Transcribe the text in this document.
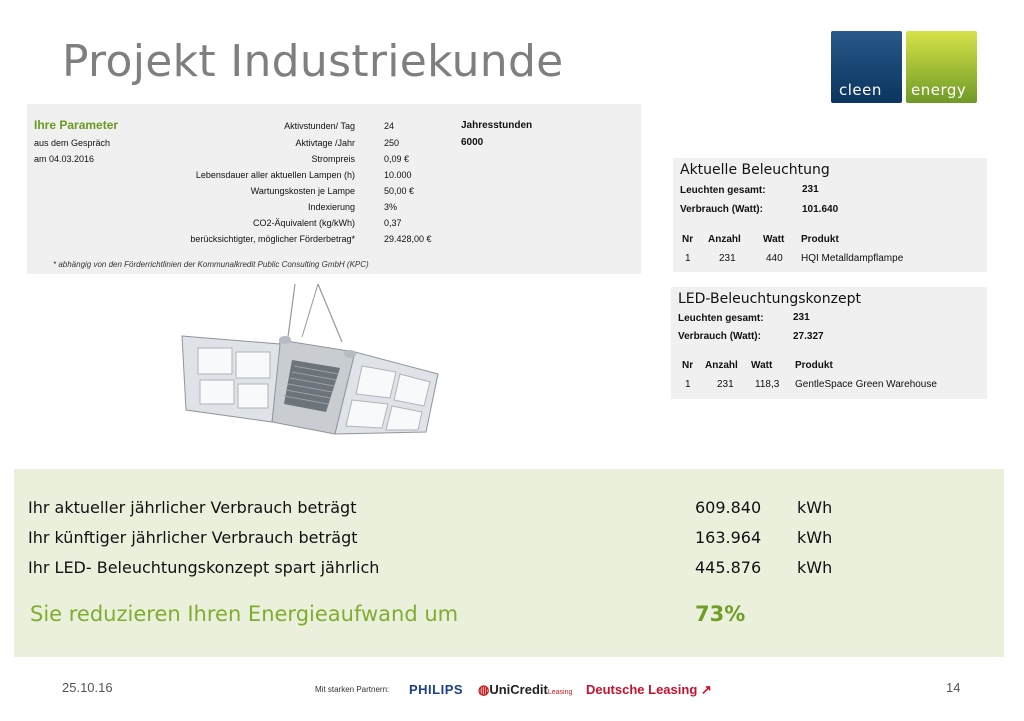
Projekt Industriekunde
cleen energy
Ihre Parameter
aus dem Gespräch
am 04.03.2016
Aktivstunden/ Tag	24
Aktivtage /Jahr	250
Strompreis	0,09 €
Lebensdauer aller aktuellen Lampen (h)	10.000
Wartungskosten je Lampe	50,00 €
Indexierung	3%
CO2-Äquivalent (kg/kWh)	0,37
berücksichtigter, möglicher Förderbetrag*	29.428,00 €
Jahresstunden
6000
* abhängig von den Förderrichtlinien der Kommunalkredit Public Consulting GmbH (KPC)
Aktuelle Beleuchtung
Leuchten gesamt:	231
Verbrauch (Watt):	101.640
Nr Anzahl Watt Produkt
1	231	440 HQI Metalldampflampe
LED-Beleuchtungskonzept
Leuchten gesamt:	231
Verbrauch (Watt):	27.327
Nr Anzahl Watt Produkt
1	231 118,3 GentleSpace Green Warehouse
Ihr aktueller jährlicher Verbrauch beträgt	609.840 kWh
Ihr künftiger jährlicher Verbrauch beträgt	163.964 kWh
Ihr LED- Beleuchtungskonzept spart jährlich	445.876 kWh
Sie reduzieren Ihren Energieaufwand um	73%
25.10.16	Mit starken Partnern: PHILIPS ◍UniCreditLeasing Deutsche Leasing ↗	14
